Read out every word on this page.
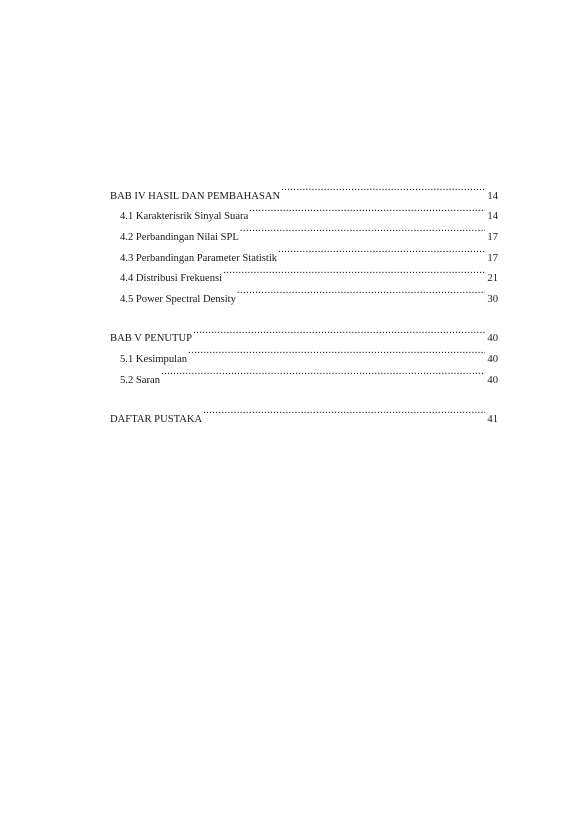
BAB IV HASIL DAN PEMBAHASAN .....	14
4.1 Karakterisrik Sinyal Suara .....	14
4.2 Perbandingan Nilai SPL .....	17
4.3 Perbandingan Parameter Statistik .....	17
4.4 Distribusi Frekuensi .....	21
4.5 Power Spectral Density .....	30
BAB V PENUTUP .....	40
5.1 Kesimpulan .....	40
5.2 Saran .....	40
DAFTAR PUSTAKA .....	41
